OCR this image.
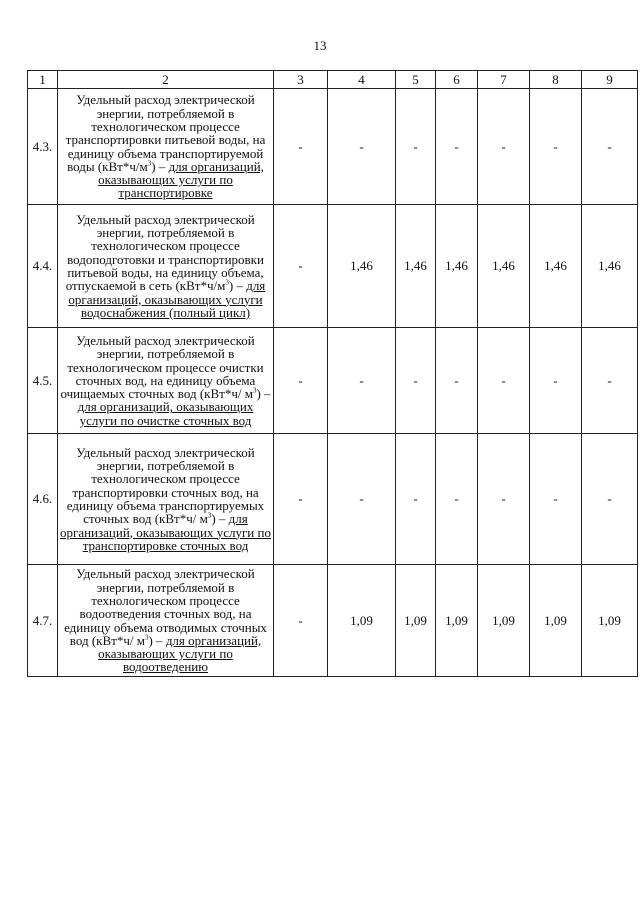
13
1	2	3	4	5	6	7	8	9
4.3.	Удельный расход электрической энергии, потребляемой в технологическом процессе транспортировки питьевой воды, на единицу объема транспортируемой воды $(кВт*ч/м^3)$ – для организаций, оказывающих услуги по транспортировке	-	-	-	-	-	-	-
4.4.	Удельный расход электрической энергии, потребляемой в технологическом процессе водоподготовки и транспортировки питьевой воды, на единицу объема, отпускаемой в сеть $(кВт*ч/м^3)$ – для организаций, оказывающих услуги водоснабжения (полный цикл)	-	1,46	1,46	1,46	1,46	1,46	1,46
4.5.	Удельный расход электрической энергии, потребляемой в технологическом процессе очистки сточных вод, на единицу объема очищаемых сточных вод (кВт*ч/ $м^3$) – для организаций, оказывающих услуги по очистке сточных вод	-	-	-	-	-	-	-
4.6.	Удельный расход электрической энергии, потребляемой в технологическом процессе транспортировки сточных вод, на единицу объема транспортируемых сточных вод (кВт*ч/ $м^3$) – для организаций, оказывающих услуги по транспортировке сточных вод	-	-	-	-	-	-	-
4.7.	Удельный расход электрической энергии, потребляемой в технологическом процессе водоотведения сточных вод, на единицу объема отводимых сточных вод (кВт*ч/ $м^3$) – для организаций, оказывающих услуги по водоотведению	-	1,09	1,09	1,09	1,09	1,09	1,09
